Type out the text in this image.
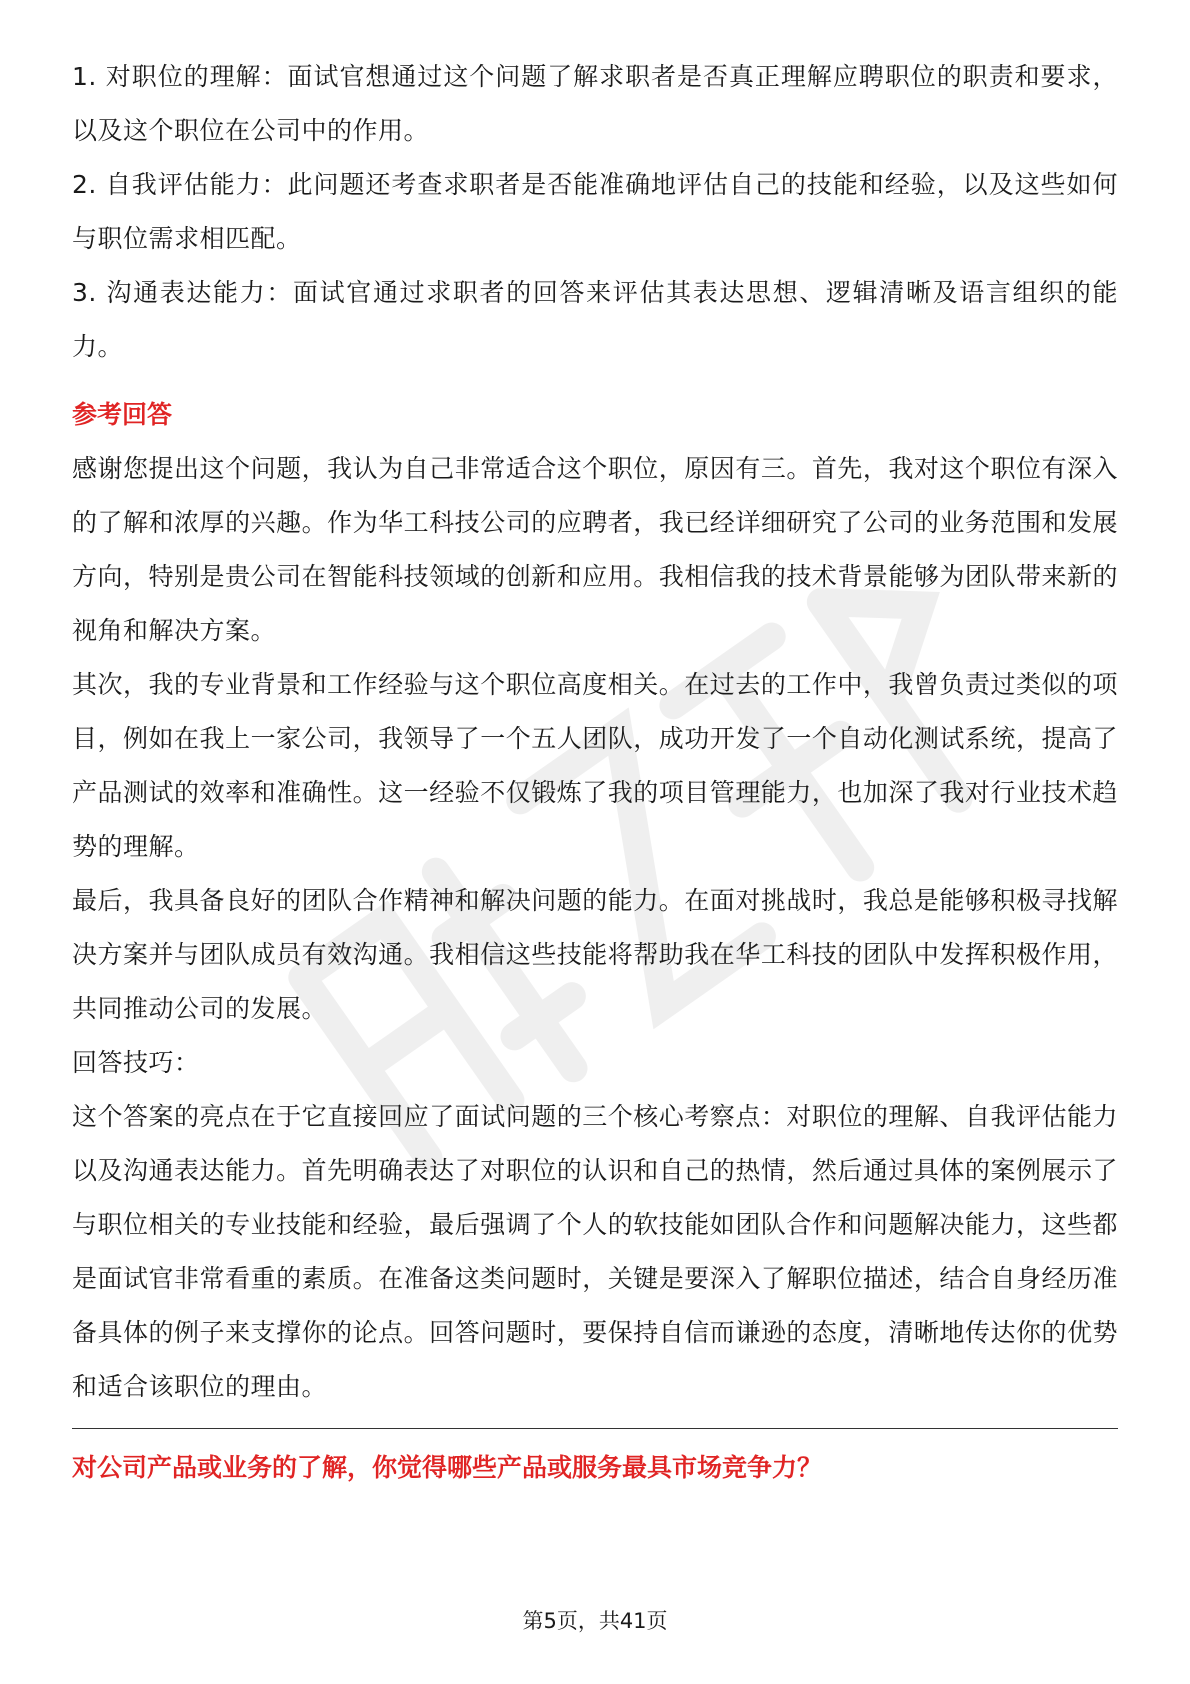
1. 对职位的理解：面试官想通过这个问题了解求职者是否真正理解应聘职位的职责和要求，以及这个职位在公司中的作用。

2. 自我评估能力：此问题还考查求职者是否能准确地评估自己的技能和经验，以及这些如何与职位需求相匹配。

3. 沟通表达能力：面试官通过求职者的回答来评估其表达思想、逻辑清晰及语言组织的能力。

参考回答

感谢您提出这个问题，我认为自己非常适合这个职位，原因有三。首先，我对这个职位有深入的了解和浓厚的兴趣。作为华工科技公司的应聘者，我已经详细研究了公司的业务范围和发展方向，特别是贵公司在智能科技领域的创新和应用。我相信我的技术背景能够为团队带来新的视角和解决方案。

其次，我的专业背景和工作经验与这个职位高度相关。在过去的工作中，我曾负责过类似的项目，例如在我上一家公司，我领导了一个五人团队，成功开发了一个自动化测试系统，提高了产品测试的效率和准确性。这一经验不仅锻炼了我的项目管理能力，也加深了我对行业技术趋势的理解。

最后，我具备良好的团队合作精神和解决问题的能力。在面对挑战时，我总是能够积极寻找解决方案并与团队成员有效沟通。我相信这些技能将帮助我在华工科技的团队中发挥积极作用，共同推动公司的发展。

回答技巧：

这个答案的亮点在于它直接回应了面试问题的三个核心考察点：对职位的理解、自我评估能力以及沟通表达能力。首先明确表达了对职位的认识和自己的热情，然后通过具体的案例展示了与职位相关的专业技能和经验，最后强调了个人的软技能如团队合作和问题解决能力，这些都是面试官非常看重的素质。在准备这类问题时，关键是要深入了解职位描述，结合自身经历准备具体的例子来支撑你的论点。回答问题时，要保持自信而谦逊的态度，清晰地传达你的优势和适合该职位的理由。

对公司产品或业务的了解，你觉得哪些产品或服务最具市场竞争力？
第5页，共41页
